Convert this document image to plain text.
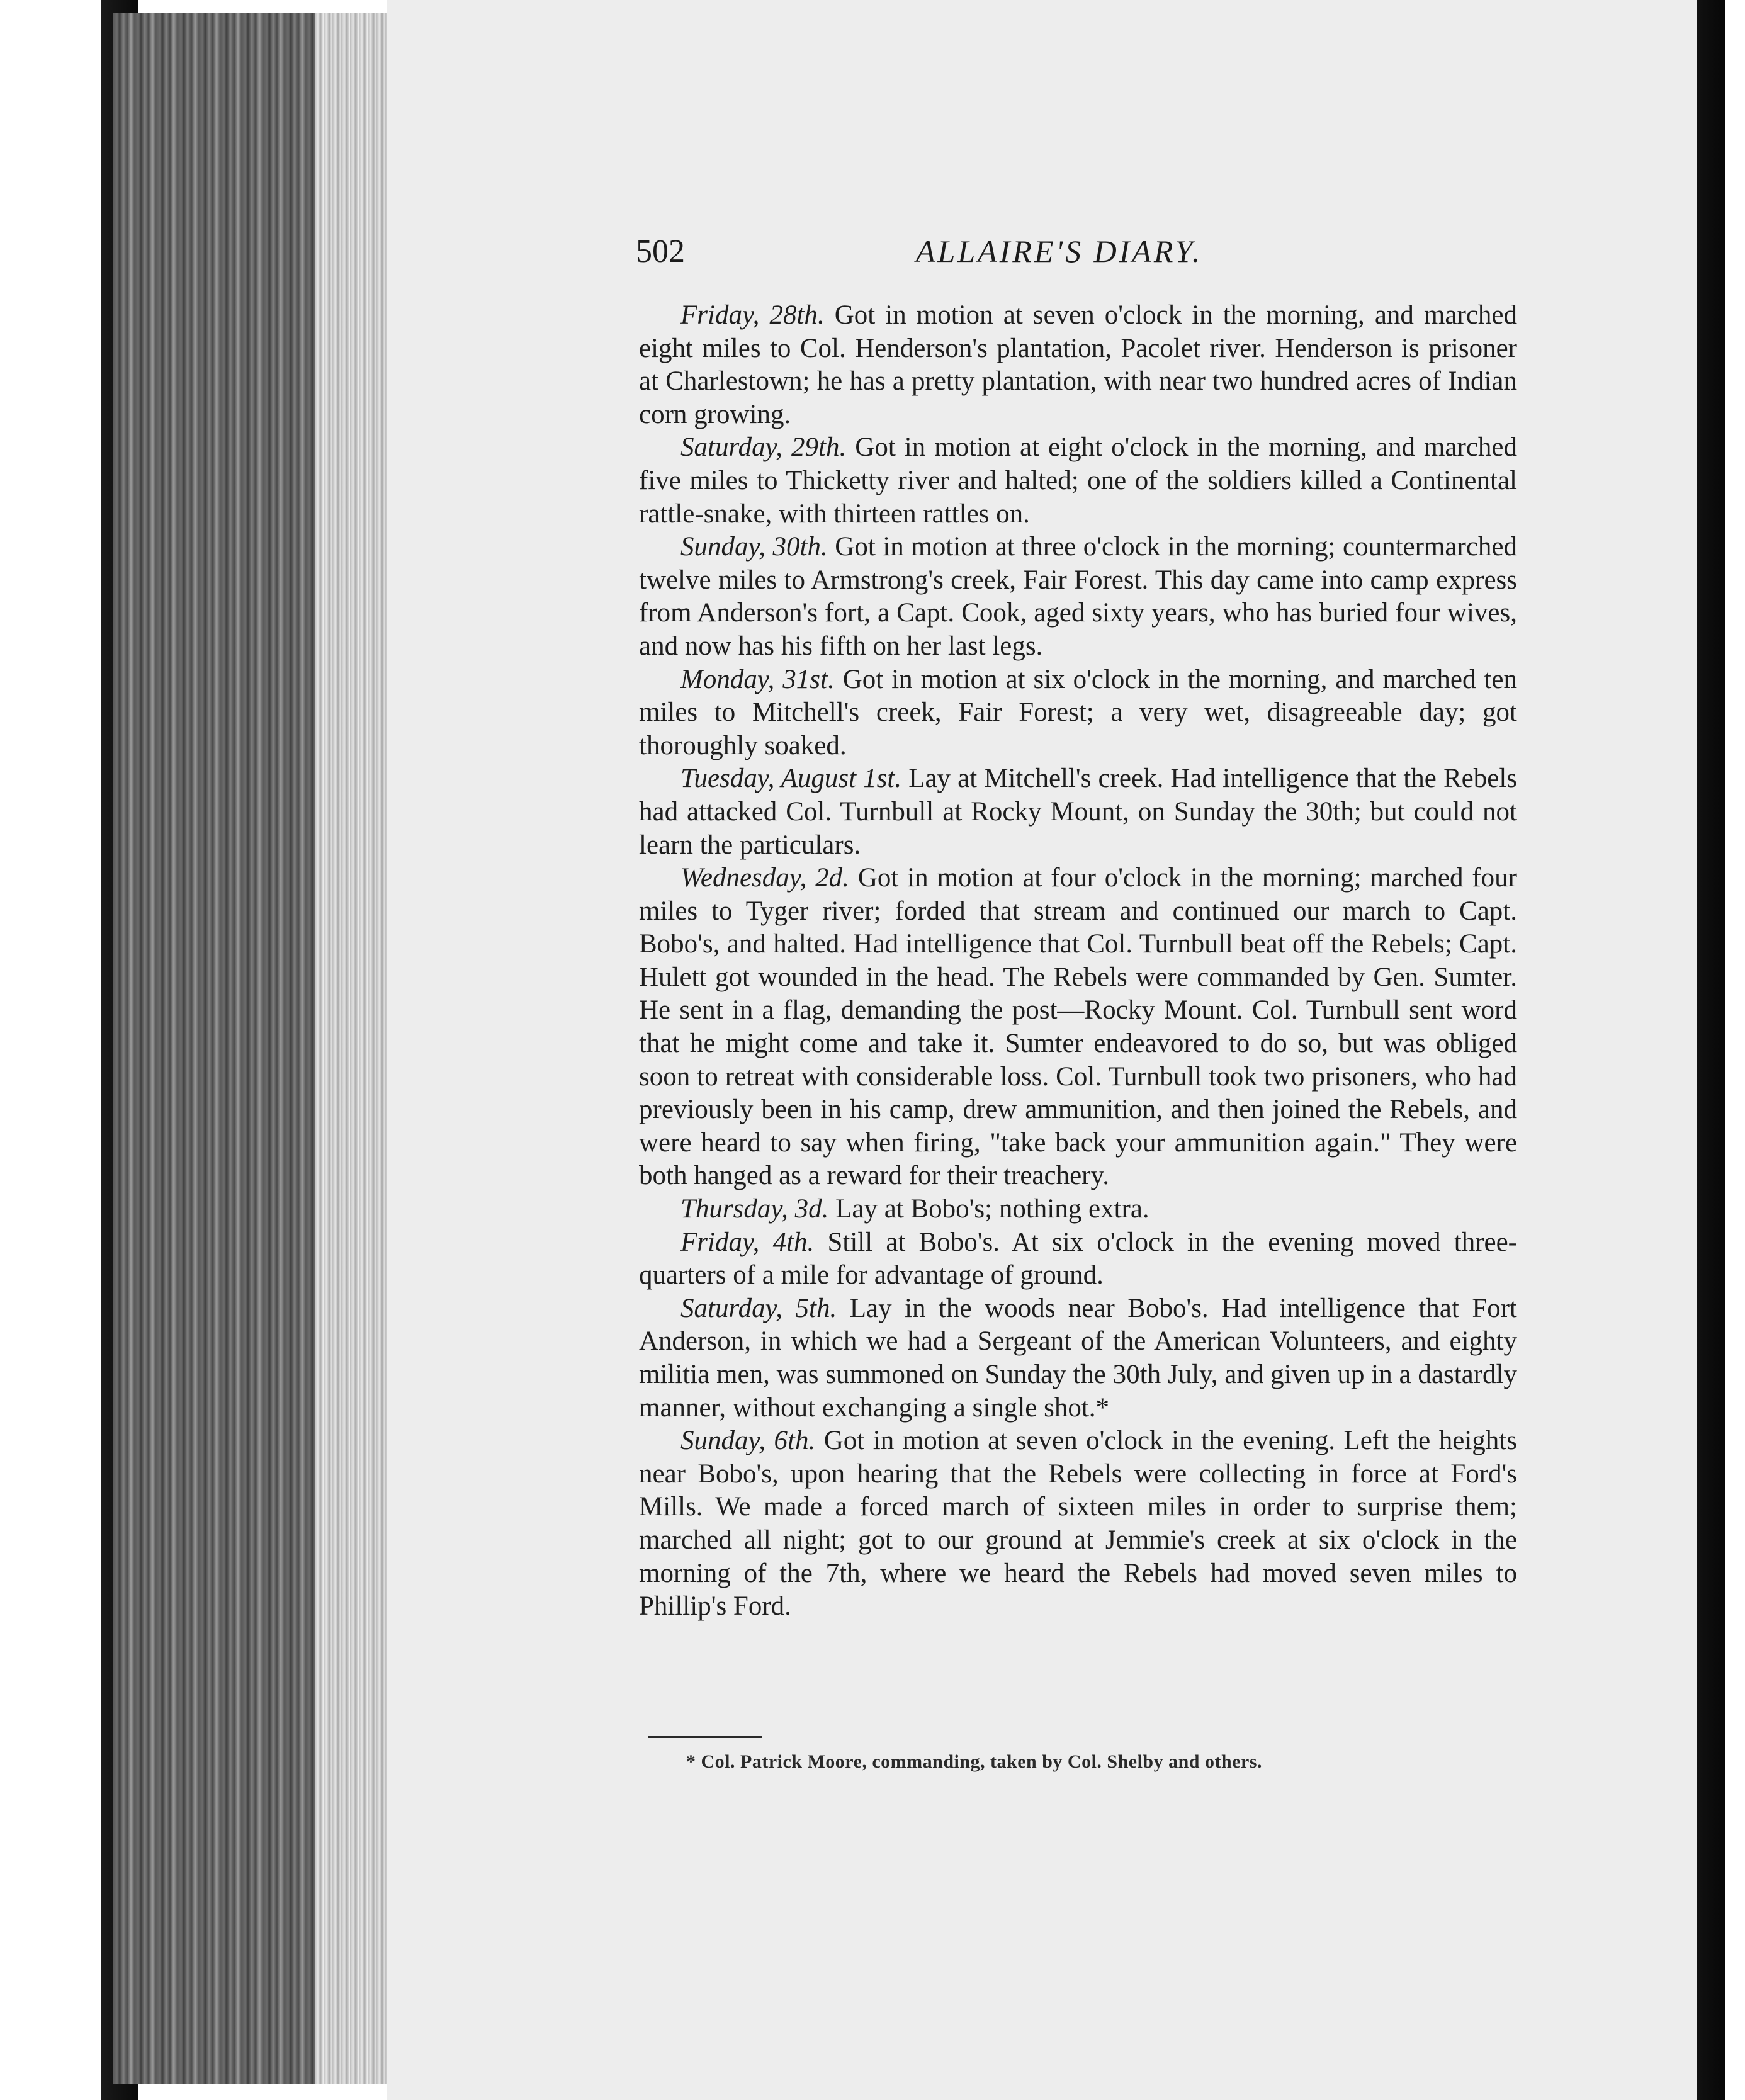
502	ALLAIRE'S DIARY.

Friday, 28th. Got in motion at seven o'clock in the morning, and marched eight miles to Col. Henderson's plantation, Pacolet river. Henderson is prisoner at Charlestown; he has a pretty plantation, with near two hundred acres of Indian corn growing.

Saturday, 29th. Got in motion at eight o'clock in the morning, and marched five miles to Thicketty river and halted; one of the soldiers killed a Continental rattle-snake, with thirteen rattles on.

Sunday, 30th. Got in motion at three o'clock in the morning; countermarched twelve miles to Armstrong's creek, Fair Forest. This day came into camp express from Anderson's fort, a Capt. Cook, aged sixty years, who has buried four wives, and now has his fifth on her last legs.

Monday, 31st. Got in motion at six o'clock in the morning, and marched ten miles to Mitchell's creek, Fair Forest; a very wet, disagreeable day; got thoroughly soaked.

Tuesday, August 1st. Lay at Mitchell's creek. Had intelligence that the Rebels had attacked Col. Turnbull at Rocky Mount, on Sunday the 30th; but could not learn the particulars.

Wednesday, 2d. Got in motion at four o'clock in the morning; marched four miles to Tyger river; forded that stream and continued our march to Capt. Bobo's, and halted. Had intelligence that Col. Turnbull beat off the Rebels; Capt. Hulett got wounded in the head. The Rebels were commanded by Gen. Sumter. He sent in a flag, demanding the post—Rocky Mount. Col. Turnbull sent word that he might come and take it. Sumter endeavored to do so, but was obliged soon to retreat with considerable loss. Col. Turnbull took two prisoners, who had previously been in his camp, drew ammunition, and then joined the Rebels, and were heard to say when firing, "take back your ammunition again." They were both hanged as a reward for their treachery.

Thursday, 3d. Lay at Bobo's; nothing extra.

Friday, 4th. Still at Bobo's. At six o'clock in the evening moved three-quarters of a mile for advantage of ground.

Saturday, 5th. Lay in the woods near Bobo's. Had intelligence that Fort Anderson, in which we had a Sergeant of the American Volunteers, and eighty militia men, was summoned on Sunday the 30th July, and given up in a dastardly manner, without exchanging a single shot.*

Sunday, 6th. Got in motion at seven o'clock in the evening. Left the heights near Bobo's, upon hearing that the Rebels were collecting in force at Ford's Mills. We made a forced march of sixteen miles in order to surprise them; marched all night; got to our ground at Jemmie's creek at six o'clock in the morning of the 7th, where we heard the Rebels had moved seven miles to Phillip's Ford.

* Col. Patrick Moore, commanding, taken by Col. Shelby and others.
